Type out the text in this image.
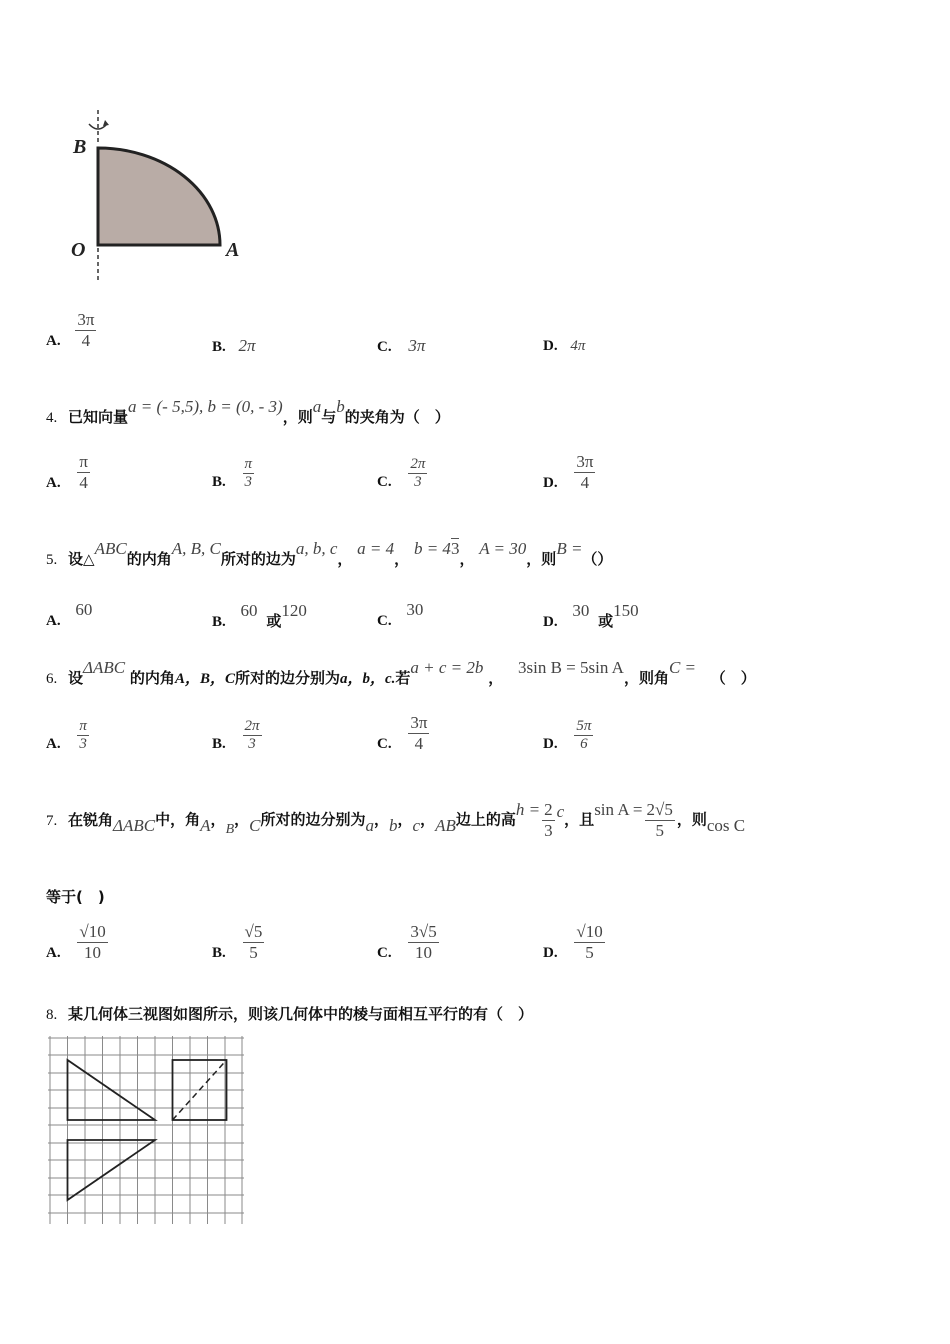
B
O	A
A. $\frac{3\pi}{4}$	B. 2π	C. 3π	D. 4π
4. 已知向量a = (- 5,5), b = (0, - 3)，则a与b的夹角为（　）
A. $\frac{\pi}{4}$	B. $\frac{\pi}{3}$	C. $\frac{2\pi}{3}$	D. $\frac{3\pi}{4}$
5. 设△ABC的内角A, B, C所对的边为a, b, c， a = 4， b = 43， A = 30，则B =（）
A. 60
B. 60 或120
C. 30
D. 30 或150
6. 设ΔABC 的内角A，B，C所对的边分别为a，b，c.若a + c = 2b ， 3sin B = 5sin A，则角C = （　）
A. $\frac{\pi}{3}$	B. $\frac{2\pi}{3}$	C. $\frac{3\pi}{4}$	D. $\frac{5\pi}{6}$
7. 在锐角ΔABC中，角A，B，C所对的边分别为a，b，c，AB边上的高$h = \frac{2}{3}$ c，且$\sin A = \frac{2√5}{5}$ ，则cos C
等于(　)
A. $\frac{√10}{10}$	B. $\frac{√5}{5}$	C. $\frac{3√5}{10}$	D. $\frac{√10}{5}$
8. 某几何体三视图如图所示，则该几何体中的棱与面相互平行的有（　）
